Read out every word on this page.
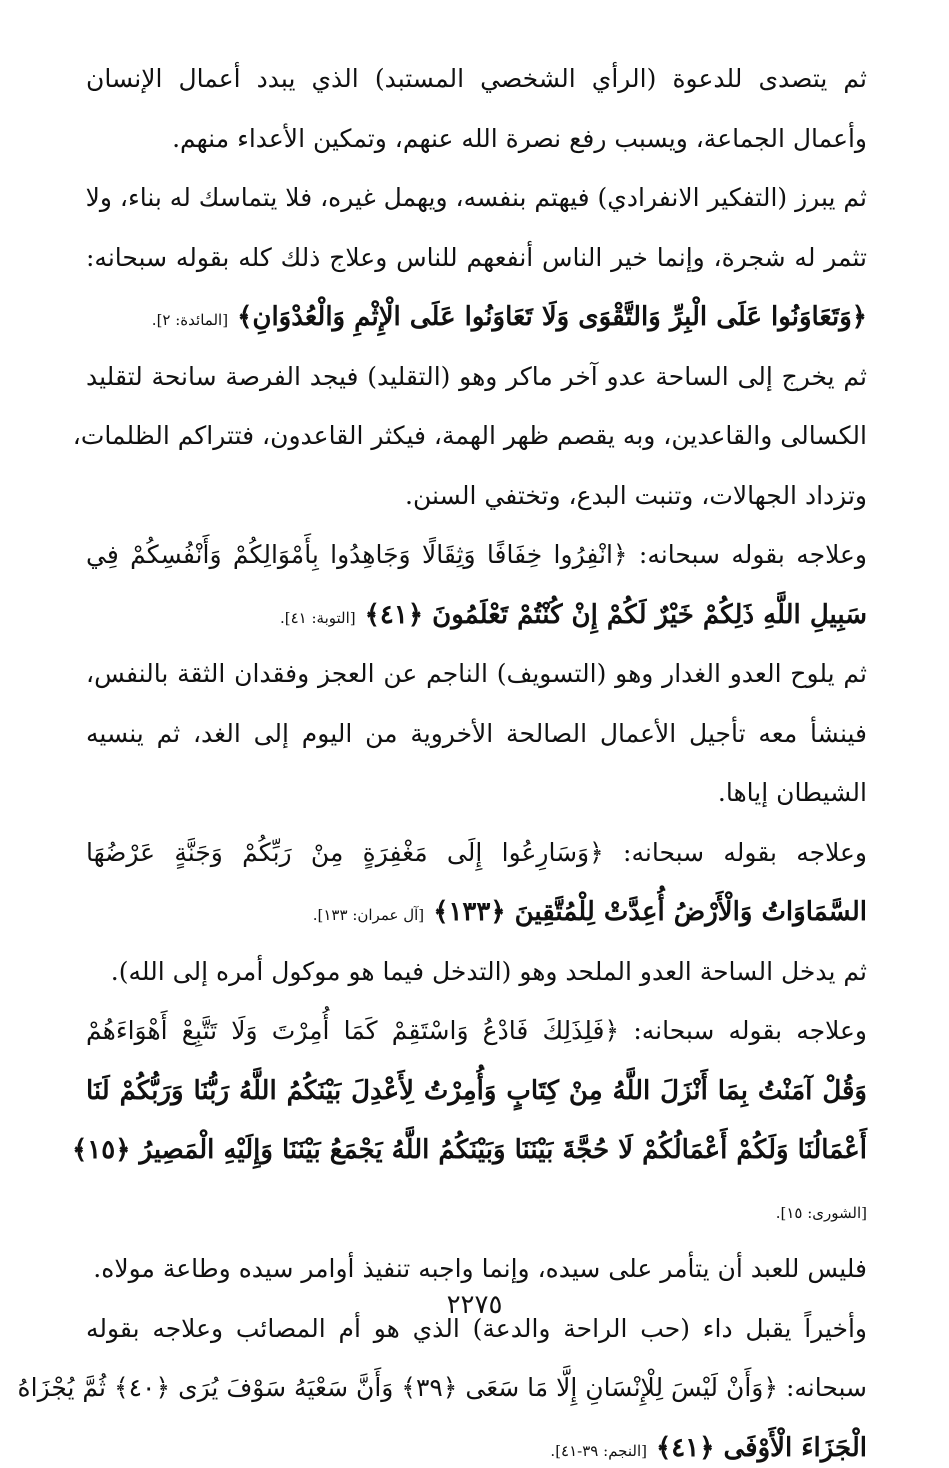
ثم يتصدى للدعوة (الرأي الشخصي المستبد) الذي يبدد أعمال الإنسان
وأعمال الجماعة، ويسبب رفع نصرة الله عنهم، وتمكين الأعداء منهم.
ثم يبرز (التفكير الانفرادي) فيهتم بنفسه، ويهمل غيره، فلا يتماسك له بناء، ولا
تثمر له شجرة، وإنما خير الناس أنفعهم للناس وعلاج ذلك كله بقوله سبحانه:
﴿وَتَعَاوَنُوا عَلَى الْبِرِّ وَالتَّقْوَى وَلَا تَعَاوَنُوا عَلَى الْإِثْمِ وَالْعُدْوَانِ﴾ [المائدة: ٢].
ثم يخرج إلى الساحة عدو آخر ماكر وهو (التقليد) فيجد الفرصة سانحة لتقليد
الكسالى والقاعدين، وبه يقصم ظهر الهمة، فيكثر القاعدون، فتتراكم الظلمات،
وتزداد الجهالات، وتنبت البدع، وتختفي السنن.
وعلاجه بقوله سبحانه: ﴿انْفِرُوا خِفَافًا وَثِقَالًا وَجَاهِدُوا بِأَمْوَالِكُمْ وَأَنْفُسِكُمْ فِي
سَبِيلِ اللَّهِ ذَلِكُمْ خَيْرٌ لَكُمْ إِنْ كُنْتُمْ تَعْلَمُونَ ﴿٤١﴾ [التوبة: ٤١].
ثم يلوح العدو الغدار وهو (التسويف) الناجم عن العجز وفقدان الثقة بالنفس،
فينشأ معه تأجيل الأعمال الصالحة الأخروية من اليوم إلى الغد، ثم ينسيه
الشيطان إياها.
وعلاجه بقوله سبحانه: ﴿وَسَارِعُوا إِلَى مَغْفِرَةٍ مِنْ رَبِّكُمْ وَجَنَّةٍ عَرْضُهَا
السَّمَاوَاتُ وَالْأَرْضُ أُعِدَّتْ لِلْمُتَّقِينَ ﴿١٣٣﴾ [آل عمران: ١٣٣].
ثم يدخل الساحة العدو الملحد وهو (التدخل فيما هو موكول أمره إلى الله).
وعلاجه بقوله سبحانه: ﴿فَلِذَلِكَ فَادْعُ وَاسْتَقِمْ كَمَا أُمِرْتَ وَلَا تَتَّبِعْ أَهْوَاءَهُمْ
وَقُلْ آمَنْتُ بِمَا أَنْزَلَ اللَّهُ مِنْ كِتَابٍ وَأُمِرْتُ لِأَعْدِلَ بَيْنَكُمُ اللَّهُ رَبُّنَا وَرَبُّكُمْ لَنَا
أَعْمَالُنَا وَلَكُمْ أَعْمَالُكُمْ لَا حُجَّةَ بَيْنَنَا وَبَيْنَكُمُ اللَّهُ يَجْمَعُ بَيْنَنَا وَإِلَيْهِ الْمَصِيرُ ﴿١٥﴾
[الشورى: ١٥].
فليس للعبد أن يتأمر على سيده، وإنما واجبه تنفيذ أوامر سيده وطاعة مولاه.
وأخيراً يقبل داء (حب الراحة والدعة) الذي هو أم المصائب وعلاجه بقوله
سبحانه: ﴿وَأَنْ لَيْسَ لِلْإِنْسَانِ إِلَّا مَا سَعَى ﴿٣٩﴾ وَأَنَّ سَعْيَهُ سَوْفَ يُرَى ﴿٤٠﴾ ثُمَّ يُجْزَاهُ
الْجَزَاءَ الْأَوْفَى ﴿٤١﴾ [النجم: ٣٩-٤١].
٢٢٧٥
